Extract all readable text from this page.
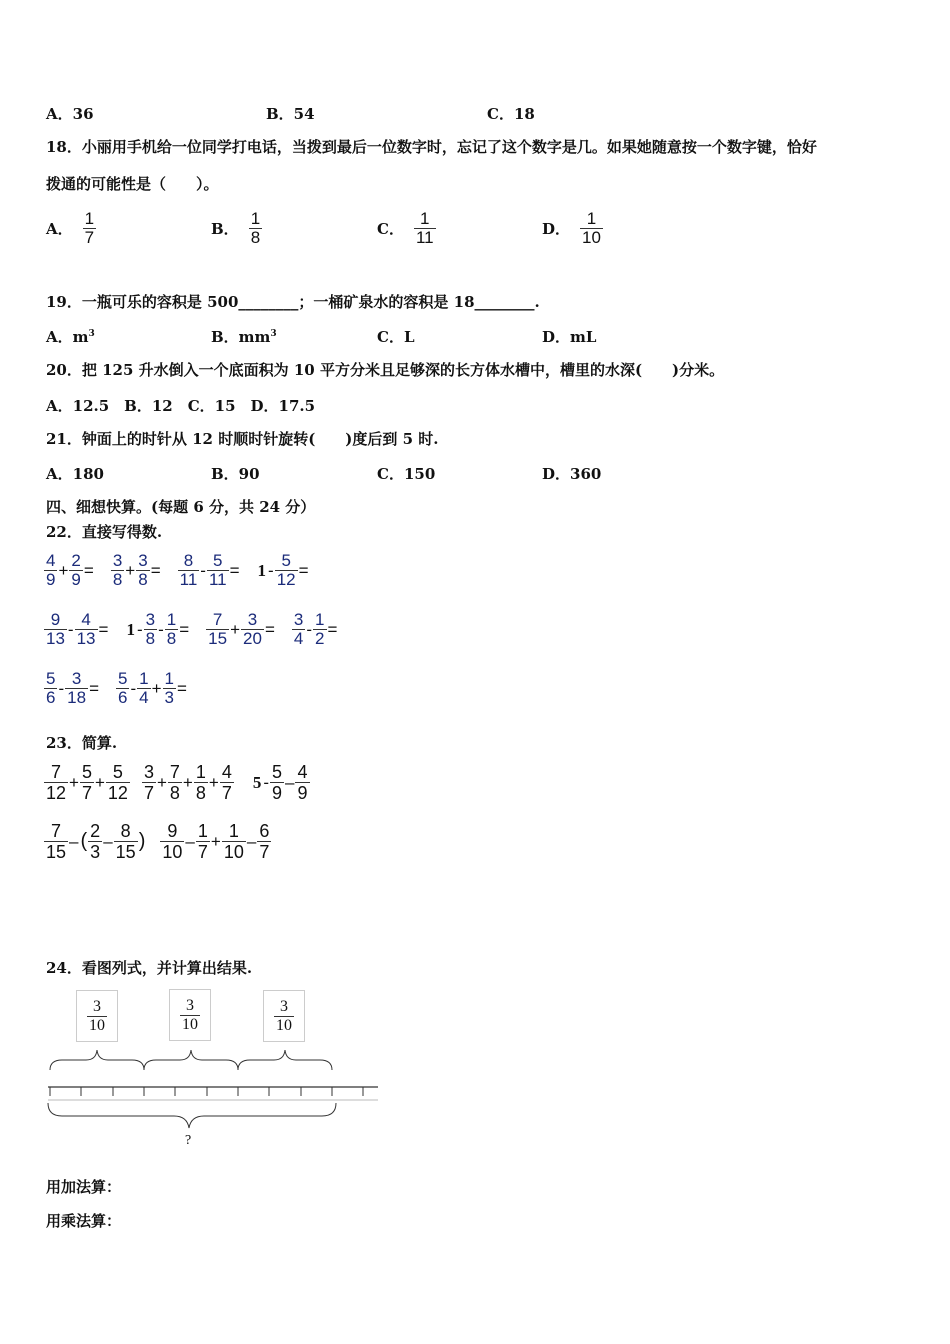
A．36	B．54	C．18
18．小丽用手机给一位同学打电话，当拨到最后一位数字时，忘记了这个数字是几。如果她随意按一个数字键，恰好
拨通的可能性是（　　）。
A． $\frac{1}{7}$	B． $\frac{1}{8}$	C． $\frac{1}{11}$	D． $\frac{1}{10}$
19．一瓶可乐的容积是 500________；一桶矿泉水的容积是 18________.
A．$m^3$	B．$mm^3$	C．L	D．mL
20．把 125 升水倒入一个底面积为 10 平方分米且足够深的长方体水槽中，槽里的水深(　　)分米。
A．12.5　B．12　C．15　D．17.5
21．钟面上的时针从 12 时顺时针旋转(　　)度后到 5 时.
A．180	B．90	C．150	D．360
四、细想快算。(每题 6 分，共 24 分）
22．直接写得数.
$\frac{4}{9} + \frac{2}{9} = \frac{3}{8} + \frac{3}{8} = \frac{8}{11} - \frac{5}{11} = 1 - \frac{5}{12}$ =
$\frac{9}{13} - \frac{4}{13} = 1 - \frac{3}{8} - \frac{1}{8} = \frac{7}{15} + \frac{3}{20} = \frac{3}{4} - \frac{1}{2}$ =
$\frac{5}{6} - \frac{3}{18} = \frac{5}{6} - \frac{1}{4} + \frac{1}{3}$ =
23．简算.
$\frac{7}{12} + \frac{5}{7} + \frac{5}{12} \frac{3}{7} + \frac{7}{8} + \frac{1}{8} + \frac{4}{7} 5 - \frac{5}{9} - \frac{4}{9}$
$\frac{7}{15}$ – ( $\frac{2}{3} - \frac{8}{15}$ ) $\frac{9}{10} - \frac{1}{7} + \frac{1}{10} - \frac{6}{7}$
24．看图列式，并计算出结果.
$\frac{3}{10}$	$\frac{3}{10}$	$\frac{3}{10}$
?
用加法算：
用乘法算：
